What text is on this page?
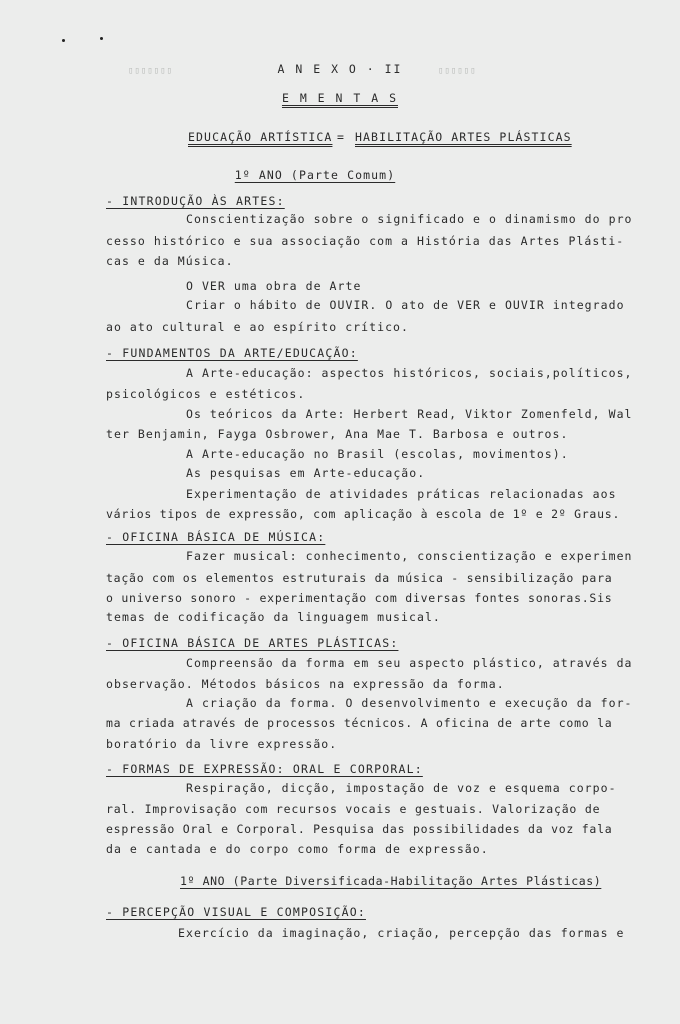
▯▯▯▯▯▯▯	▯▯▯▯▯▯
A N E X O · II
E M E N T A S
EDUCAÇÃO ARTÍSTICA = HABILITAÇÃO ARTES PLÁSTICAS
1º ANO (Parte Comum)
- INTRODUÇÃO ÀS ARTES:
Conscientização sobre o significado e o dinamismo do pro
cesso histórico e sua associação com a História das Artes Plásti-
cas e da Música.
O VER uma obra de Arte
Criar o hábito de OUVIR. O ato de VER e OUVIR integrado
ao ato cultural e ao espírito crítico.
- FUNDAMENTOS DA ARTE/EDUCAÇÃO:
A Arte-educação: aspectos históricos, sociais,políticos,
psicológicos e estéticos.
Os teóricos da Arte: Herbert Read, Viktor Zomenfeld, Wal
ter Benjamin, Fayga Osbrower, Ana Mae T. Barbosa e outros.
A Arte-educação no Brasil (escolas, movimentos).
As pesquisas em Arte-educação.
Experimentação de atividades práticas relacionadas aos
vários tipos de expressão, com aplicação à escola de 1º e 2º Graus.
- OFICINA BÁSICA DE MÚSICA:
Fazer musical: conhecimento, conscientização e experimen
tação com os elementos estruturais da música - sensibilização para
o universo sonoro - experimentação com diversas fontes sonoras.Sis
temas de codificação da linguagem musical.
- OFICINA BÁSICA DE ARTES PLÁSTICAS:
Compreensão da forma em seu aspecto plástico, através da
observação. Métodos básicos na expressão da forma.
A criação da forma. O desenvolvimento e execução da for-
ma criada através de processos técnicos. A oficina de arte como la
boratório da livre expressão.
- FORMAS DE EXPRESSÃO: ORAL E CORPORAL:
Respiração, dicção, impostação de voz e esquema corpo-
ral. Improvisação com recursos vocais e gestuais. Valorização de
espressão Oral e Corporal. Pesquisa das possibilidades da voz fala
da e cantada e do corpo como forma de expressão.
1º ANO (Parte Diversificada-Habilitação Artes Plásticas)
- PERCEPÇÃO VISUAL E COMPOSIÇÃO:
Exercício da imaginação, criação, percepção das formas e
